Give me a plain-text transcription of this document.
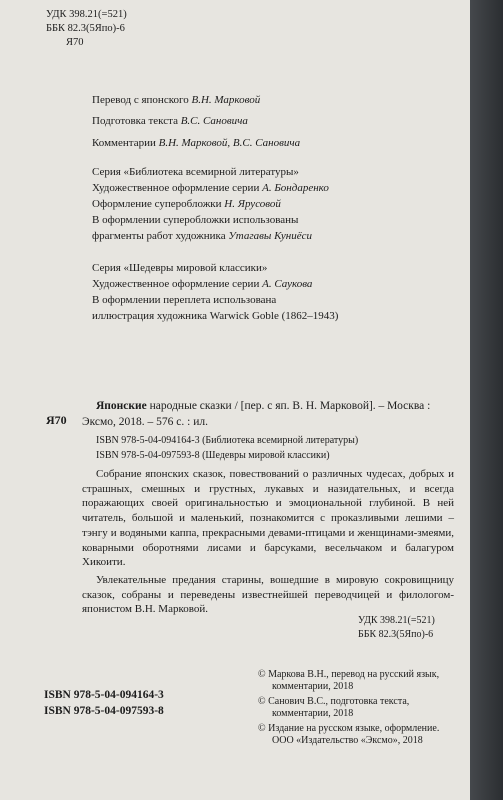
УДК 398.21(=521)
ББК 82.3(5Япо)-6
Я70
Перевод с японского В.Н. Марковой
Подготовка текста В.С. Сановича
Комментарии В.Н. Марковой, В.С. Сановича
Серия «Библиотека всемирной литературы»
Художественное оформление серии А. Бондаренко
Оформление суперобложки Н. Ярусовой
В оформлении суперобложки использованы
фрагменты работ художника Утагавы Куниёси
Серия «Шедевры мировой классики»
Художественное оформление серии А. Саукова
В оформлении переплета использована
иллюстрация художника Warwick Goble (1862–1943)
Я70
Японские народные сказки / [пер. с яп. В. Н. Марковой]. – Москва : Эксмо, 2018. – 576 с. : ил.
ISBN 978-5-04-094164-3 (Библиотека всемирной литературы)
ISBN 978-5-04-097593-8 (Шедевры мировой классики)

Собрание японских сказок, повествований о различных чудесах, добрых и страшных, смешных и грустных, лукавых и назидательных, и всегда поражающих своей оригинальностью и эмоциональной глубиной. В ней читатель, большой и маленький, познакомится с проказливыми лешими – тэнгу и водяными каппа, прекрасными девами-птицами и женщинами-змеями, коварными оборотнями лисами и барсуками, весельчаком и балагуром Хикоити.

Увлекательные предания старины, вошедшие в мировую сокровищницу сказок, собраны и переведены известнейшей переводчицей и филологом-японистом В.Н. Марковой.

УДК 398.21(=521)
ББК 82.3(5Япо)-6
ISBN 978-5-04-094164-3
ISBN 978-5-04-097593-8
© Маркова В.Н., перевод на русский язык,
комментарии, 2018
© Санович В.С., подготовка текста,
комментарии, 2018
© Издание на русском языке, оформление.
ООО «Издательство «Эксмо», 2018
